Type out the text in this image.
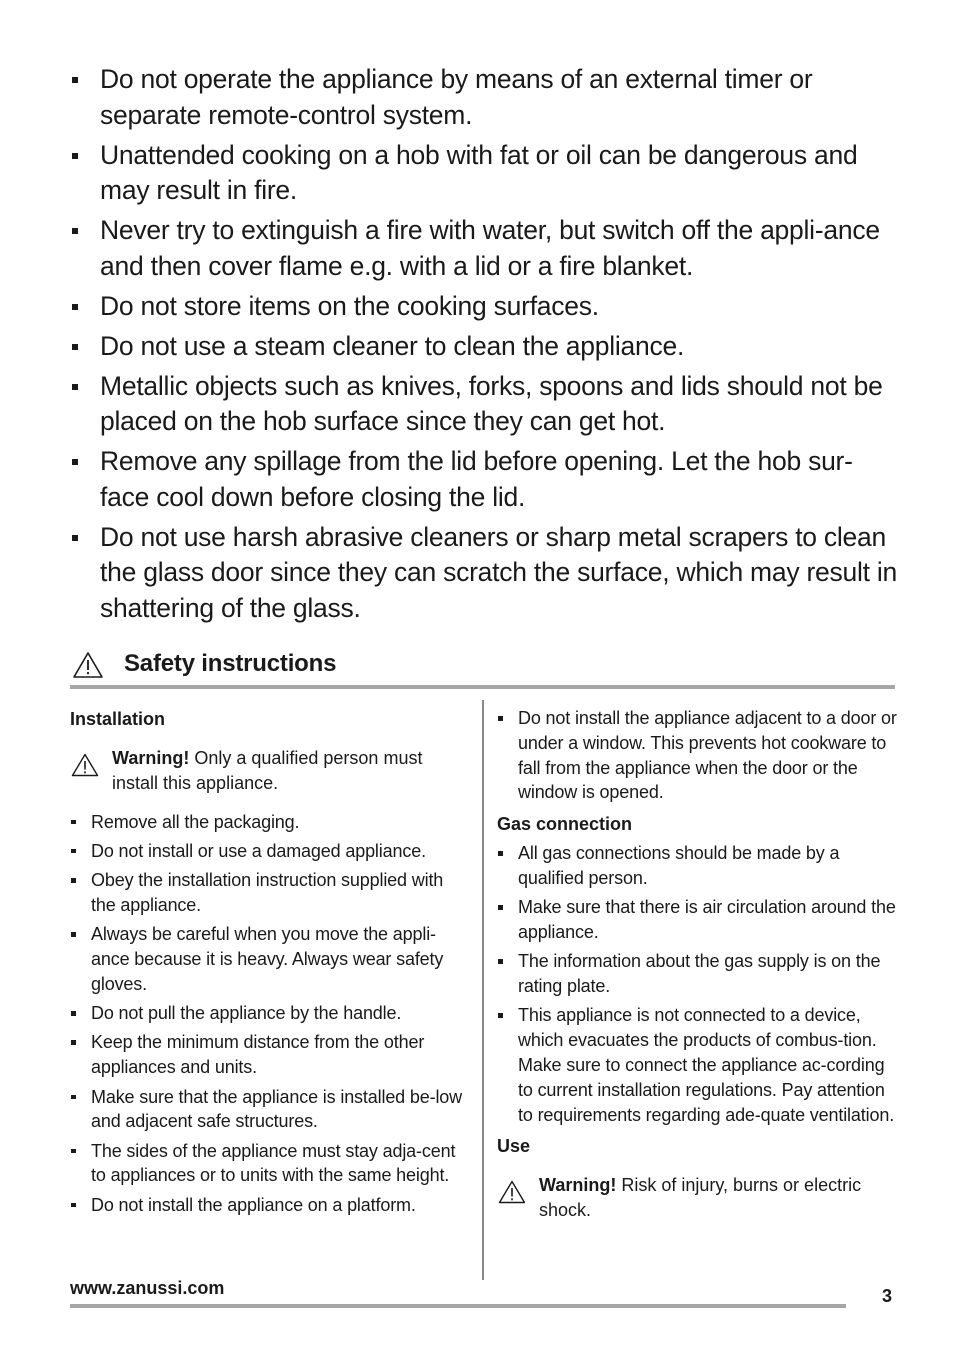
Do not operate the appliance by means of an external timer or separate remote-control system.
Unattended cooking on a hob with fat or oil can be dangerous and may result in fire.
Never try to extinguish a fire with water, but switch off the appli-ance and then cover flame e.g. with a lid or a fire blanket.
Do not store items on the cooking surfaces.
Do not use a steam cleaner to clean the appliance.
Metallic objects such as knives, forks, spoons and lids should not be placed on the hob surface since they can get hot.
Remove any spillage from the lid before opening. Let the hob sur-face cool down before closing the lid.
Do not use harsh abrasive cleaners or sharp metal scrapers to clean the glass door since they can scratch the surface, which may result in shattering of the glass.
Safety instructions
Installation
Warning! Only a qualified person must install this appliance.
Remove all the packaging.
Do not install or use a damaged appliance.
Obey the installation instruction supplied with the appliance.
Always be careful when you move the appli-ance because it is heavy. Always wear safety gloves.
Do not pull the appliance by the handle.
Keep the minimum distance from the other appliances and units.
Make sure that the appliance is installed be-low and adjacent safe structures.
The sides of the appliance must stay adja-cent to appliances or to units with the same height.
Do not install the appliance on a platform.
Do not install the appliance adjacent to a door or under a window. This prevents hot cookware to fall from the appliance when the door or the window is opened.
Gas connection
All gas connections should be made by a qualified person.
Make sure that there is air circulation around the appliance.
The information about the gas supply is on the rating plate.
This appliance is not connected to a device, which evacuates the products of combus-tion. Make sure to connect the appliance ac-cording to current installation regulations. Pay attention to requirements regarding ade-quate ventilation.
Use
Warning! Risk of injury, burns or electric shock.
www.zanussi.com	3
